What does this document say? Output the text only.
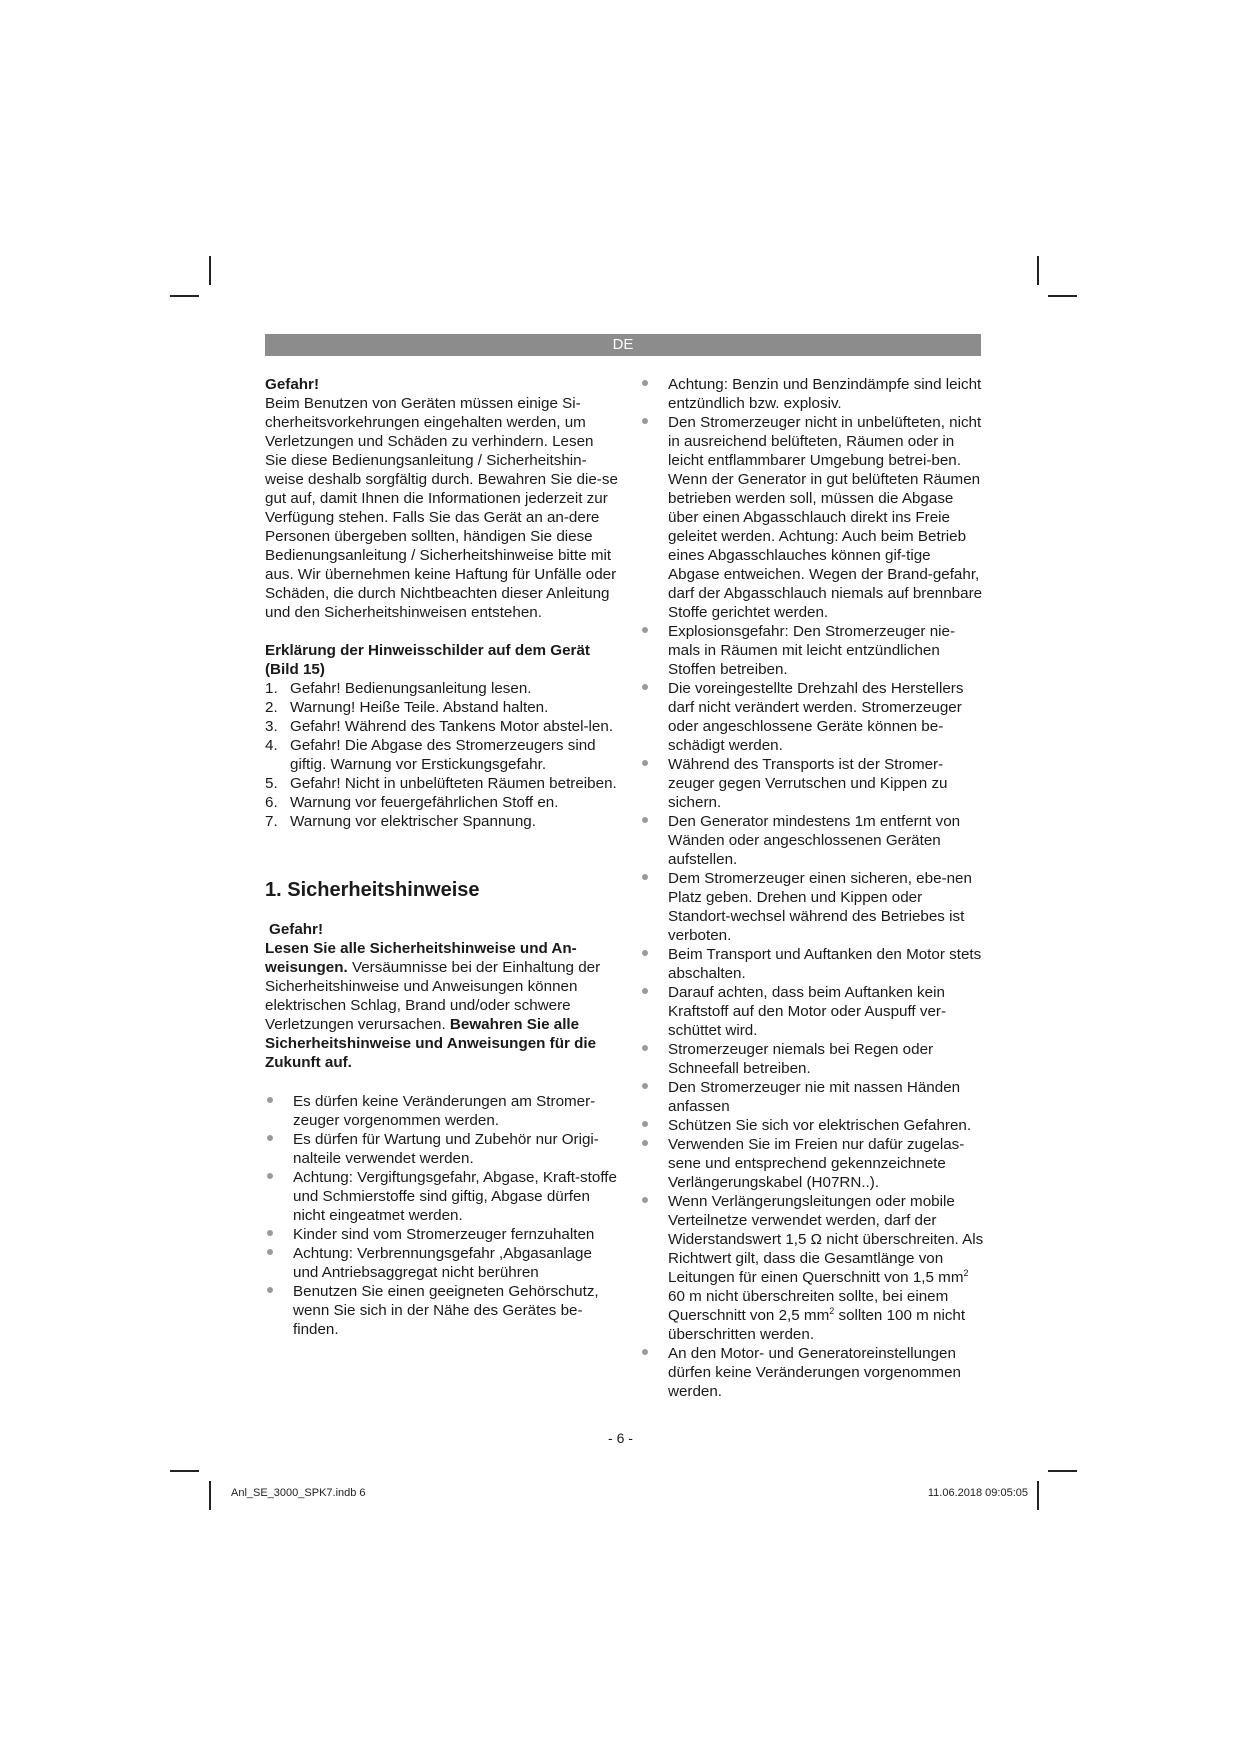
DE

Gefahr!

Beim Benutzen von Geräten müssen einige Si-cherheitsvorkehrungen eingehalten werden, um Verletzungen und Schäden zu verhindern. Lesen Sie diese Bedienungsanleitung / Sicherheitshin-weise deshalb sorgfältig durch. Bewahren Sie die-se gut auf, damit Ihnen die Informationen jederzeit zur Verfügung stehen. Falls Sie das Gerät an an-dere Personen übergeben sollten, händigen Sie diese Bedienungsanleitung / Sicherheitshinweise bitte mit aus. Wir übernehmen keine Haftung für Unfälle oder Schäden, die durch Nichtbeachten dieser Anleitung und den Sicherheitshinweisen entstehen.

Erklärung der Hinweisschilder auf dem Gerät (Bild 15)

1. Gefahr! Bedienungsanleitung lesen.
2. Warnung! Heiße Teile. Abstand halten.
3. Gefahr! Während des Tankens Motor abstel-len.
4. Gefahr! Die Abgase des Stromerzeugers sind giftig. Warnung vor Erstickungsgefahr.
5. Gefahr! Nicht in unbelüfteten Räumen betreiben.
6. Warnung vor feuergefährlichen Stoff en.
7. Warnung vor elektrischer Spannung.

1. Sicherheitshinweise

Gefahr!

Lesen Sie alle Sicherheitshinweise und An-weisungen. Versäumnisse bei der Einhaltung der Sicherheitshinweise und Anweisungen können elektrischen Schlag, Brand und/oder schwere Verletzungen verursachen. Bewahren Sie alle Sicherheitshinweise und Anweisungen für die Zukunft auf.

Es dürfen keine Veränderungen am Stromer-zeuger vorgenommen werden.
Es dürfen für Wartung und Zubehör nur Origi-nalteile verwendet werden.
Achtung: Vergiftungsgefahr, Abgase, Kraft-stoffe und Schmierstoffe sind giftig, Abgase dürfen nicht eingeatmet werden.
Kinder sind vom Stromerzeuger fernzuhalten
Achtung: Verbrennungsgefahr ,Abgasanlage und Antriebsaggregat nicht berühren
Benutzen Sie einen geeigneten Gehörschutz, wenn Sie sich in der Nähe des Gerätes be-finden.
Achtung: Benzin und Benzindämpfe sind leicht entzündlich bzw. explosiv.
Den Stromerzeuger nicht in unbelüfteten, nicht in ausreichend belüfteten, Räumen oder in leicht entflammbarer Umgebung betrei-ben. Wenn der Generator in gut belüfteten Räumen betrieben werden soll, müssen die Abgase über einen Abgasschlauch direkt ins Freie geleitet werden. Achtung: Auch beim Betrieb eines Abgasschlauches können gif-tige Abgase entweichen. Wegen der Brand-gefahr, darf der Abgasschlauch niemals auf brennbare Stoffe gerichtet werden.
Explosionsgefahr: Den Stromerzeuger nie-mals in Räumen mit leicht entzündlichen Stoffen betreiben.
Die voreingestellte Drehzahl des Herstellers darf nicht verändert werden. Stromerzeuger oder angeschlossene Geräte können be-schädigt werden.
Während des Transports ist der Stromer-zeuger gegen Verrutschen und Kippen zu sichern.
Den Generator mindestens 1m entfernt von Wänden oder angeschlossenen Geräten aufstellen.
Dem Stromerzeuger einen sicheren, ebe-nen Platz geben. Drehen und Kippen oder Standort-wechsel während des Betriebes ist verboten.
Beim Transport und Auftanken den Motor stets abschalten.
Darauf achten, dass beim Auftanken kein Kraftstoff auf den Motor oder Auspuff ver-schüttet wird.
Stromerzeuger niemals bei Regen oder Schneefall betreiben.
Den Stromerzeuger nie mit nassen Händen anfassen
Schützen Sie sich vor elektrischen Gefahren.
Verwenden Sie im Freien nur dafür zugelas-sene und entsprechend gekennzeichnete Verlängerungskabel (H07RN..).
Wenn Verlängerungsleitungen oder mobile Verteilnetze verwendet werden, darf der Widerstandswert 1,5 Ω nicht überschreiten. Als Richtwert gilt, dass die Gesamtlänge von Leitungen für einen Querschnitt von 1,5 $mm^2$ 60 m nicht überschreiten sollte, bei einem Querschnitt von 2,5 $mm^2$ sollten 100 m nicht überschritten werden.
An den Motor- und Generatoreinstellungen dürfen keine Veränderungen vorgenommen werden.
- 6 -
Anl_SE_3000_SPK7.indb 6	11.06.2018 09:05:05
